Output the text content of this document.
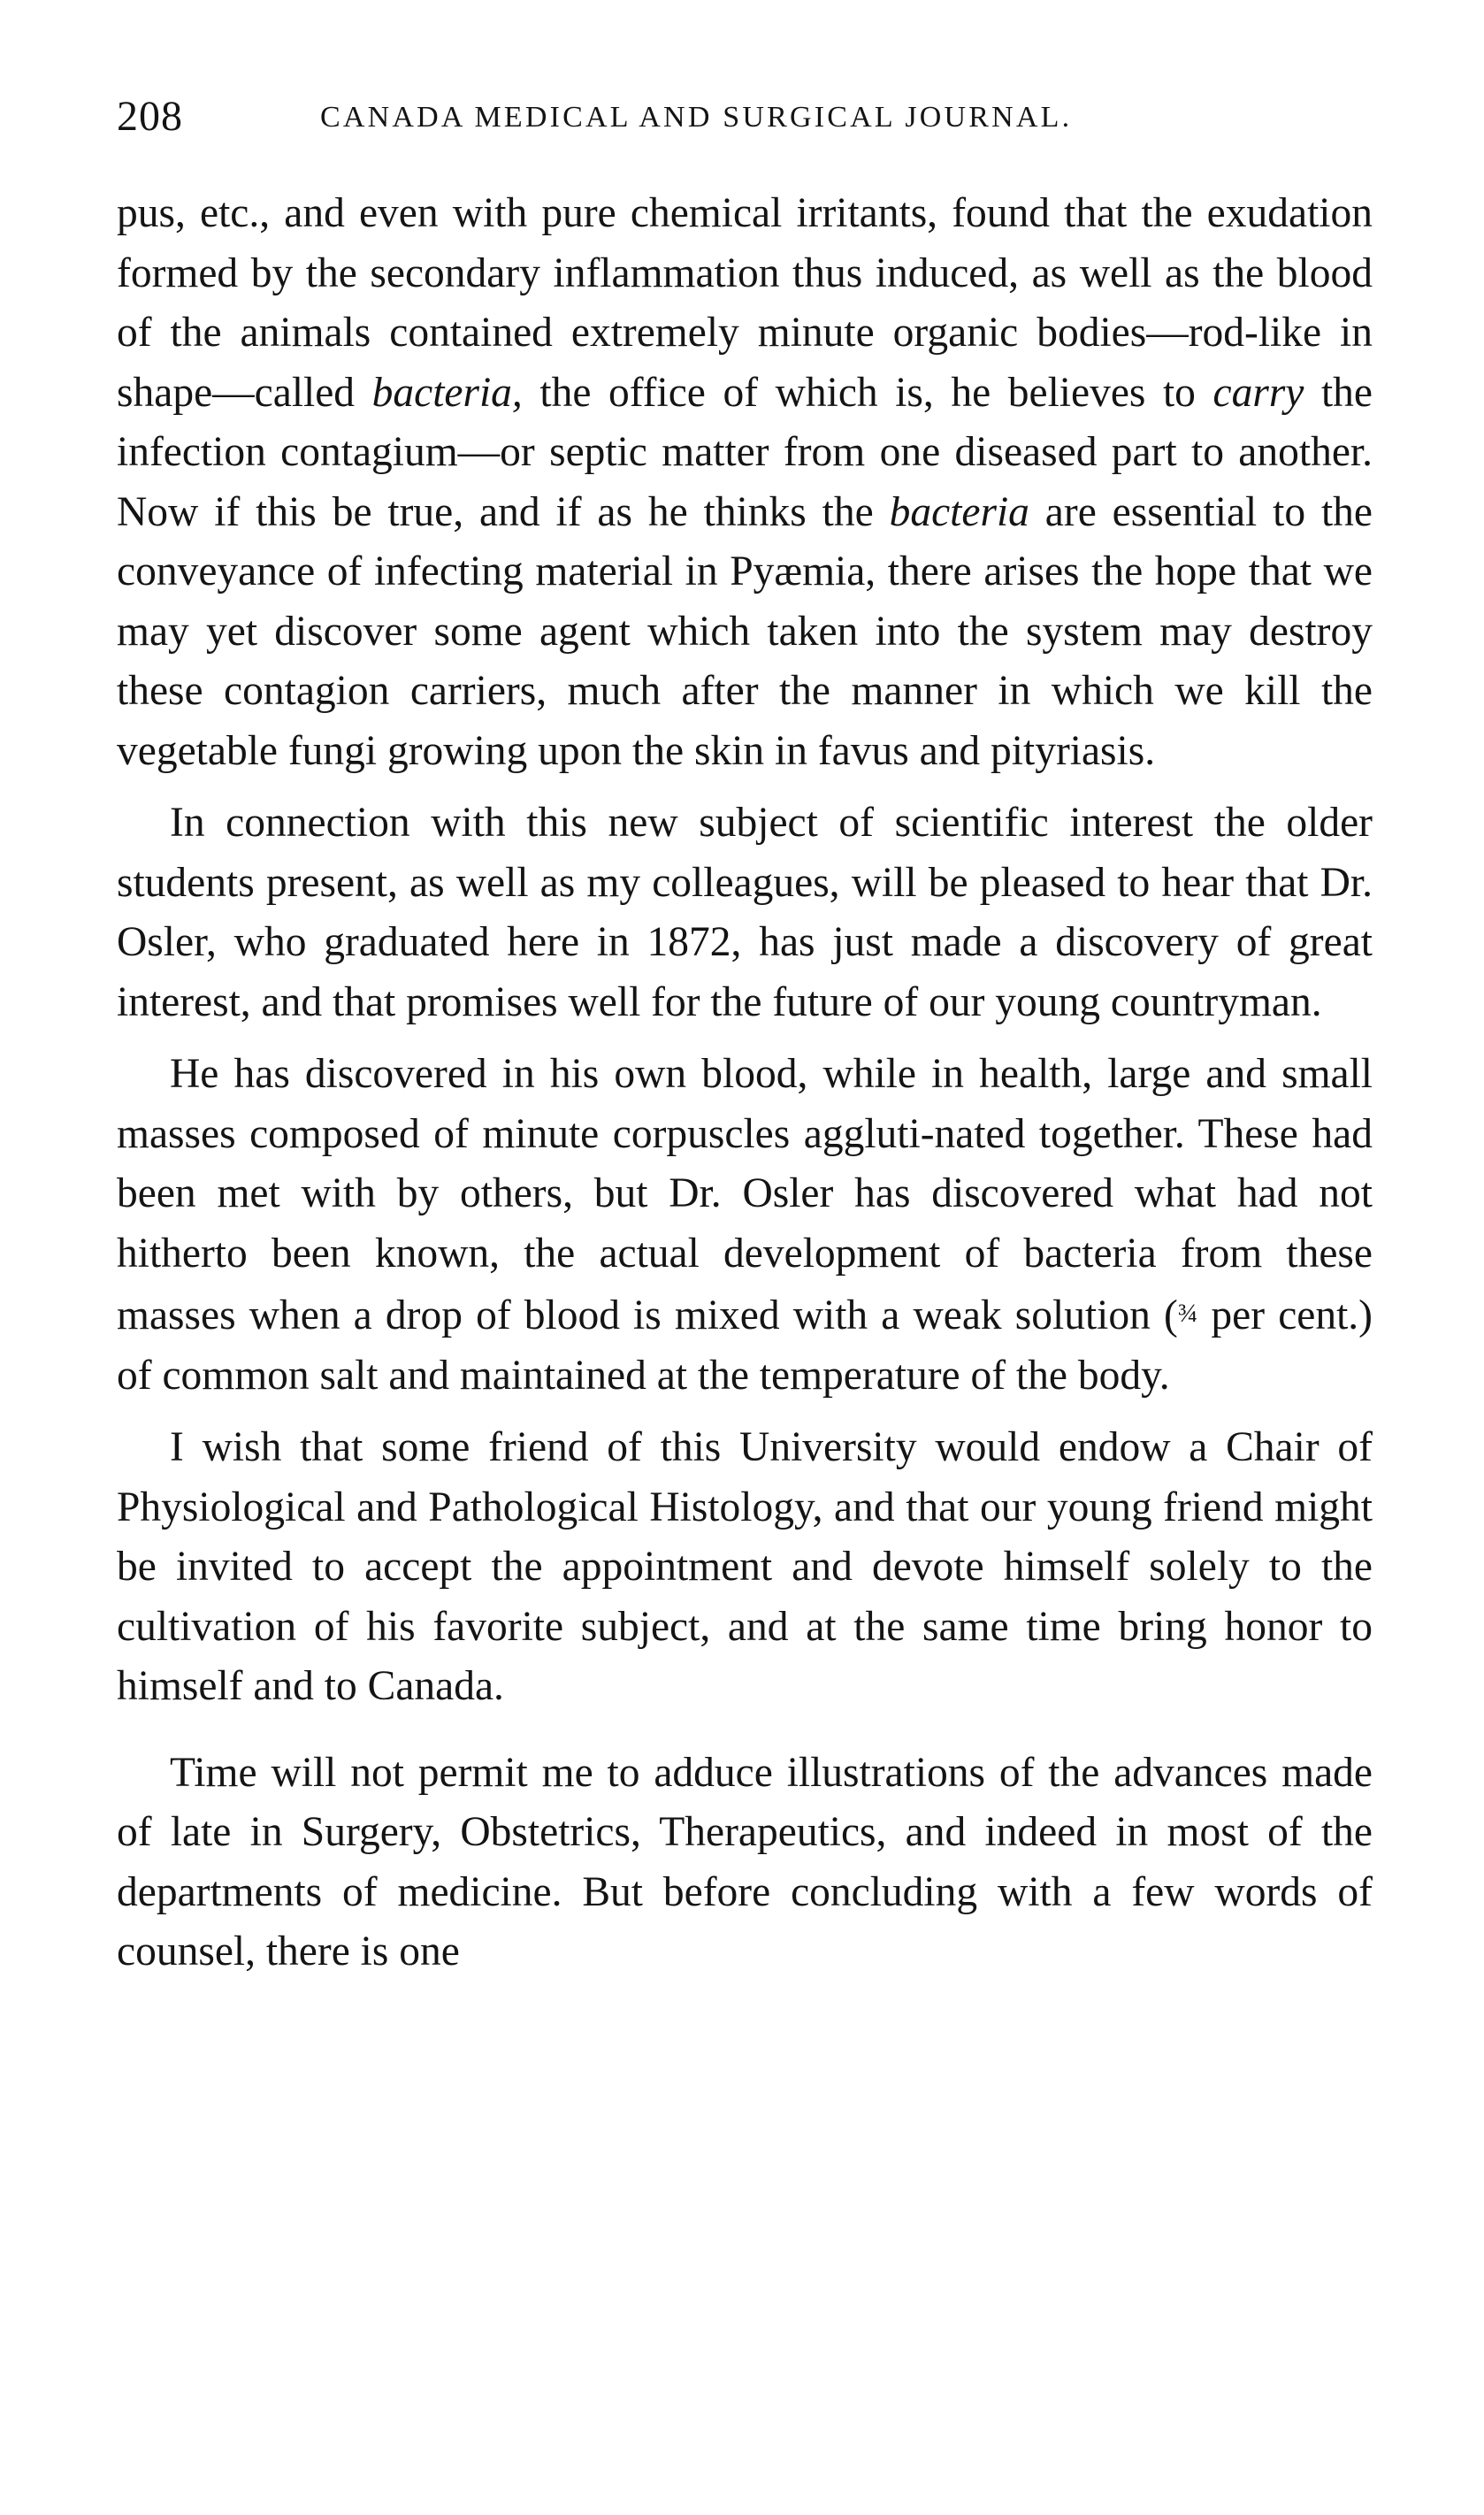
208	CANADA MEDICAL AND SURGICAL JOURNAL.

pus, etc., and even with pure chemical irritants, found that the exudation formed by the secondary inflammation thus induced, as well as the blood of the animals contained extremely minute organic bodies—rod-like in shape—called bacteria, the office of which is, he believes to carry the infection contagium—or septic matter from one diseased part to another. Now if this be true, and if as he thinks the bacteria are essential to the conveyance of infecting material in Pyæmia, there arises the hope that we may yet discover some agent which taken into the system may destroy these contagion carriers, much after the manner in which we kill the vegetable fungi growing upon the skin in favus and pityriasis.

In connection with this new subject of scientific interest the older students present, as well as my colleagues, will be pleased to hear that Dr. Osler, who graduated here in 1872, has just made a discovery of great interest, and that promises well for the future of our young countryman.

He has discovered in his own blood, while in health, large and small masses composed of minute corpuscles aggluti-nated together. These had been met with by others, but Dr. Osler has discovered what had not hitherto been known, the actual development of bacteria from these masses when a drop of blood is mixed with a weak solution (¾ per cent.) of common salt and maintained at the temperature of the body.

I wish that some friend of this University would endow a Chair of Physiological and Pathological Histology, and that our young friend might be invited to accept the appointment and devote himself solely to the cultivation of his favorite subject, and at the same time bring honor to himself and to Canada.

Time will not permit me to adduce illustrations of the advances made of late in Surgery, Obstetrics, Therapeutics, and indeed in most of the departments of medicine. But before concluding with a few words of counsel, there is one
